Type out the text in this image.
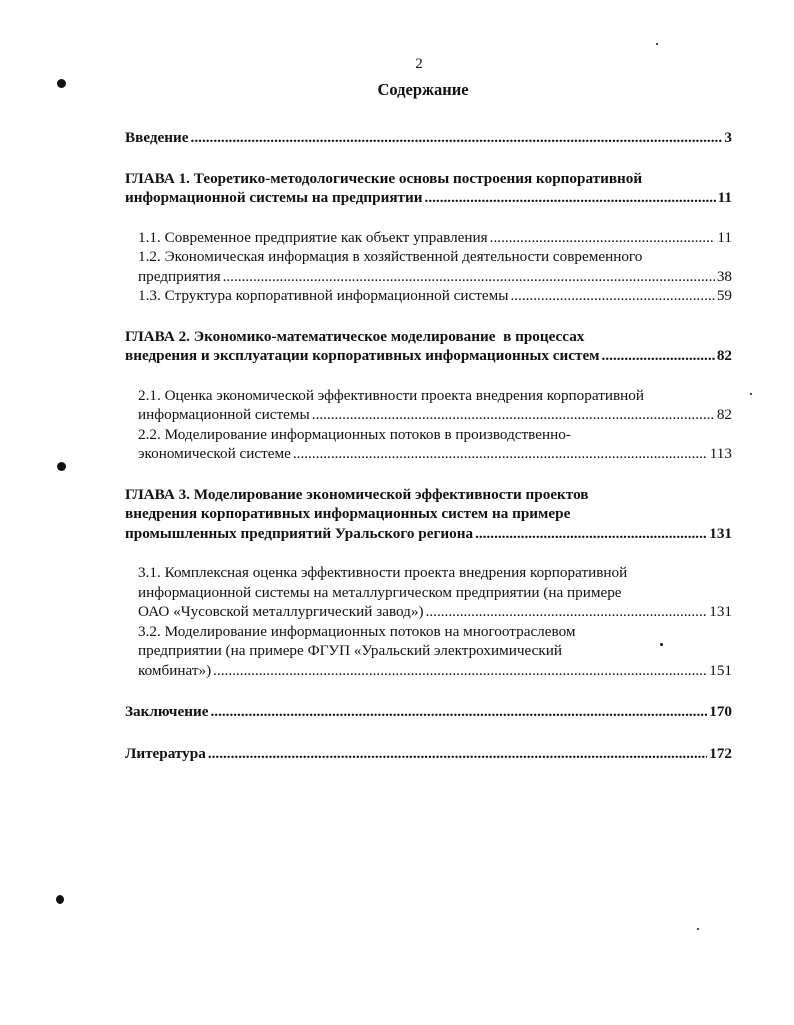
2
Содержание
Введение .....	3
ГЛАВА 1. Теоретико-методологические основы построения корпоративной
информационной системы на предприятии .....	11
1.1. Современное предприятие как объект управления .....	11
1.2. Экономическая информация в хозяйственной деятельности современного
предприятия .....	38
1.3. Структура корпоративной информационной системы .....	59
ГЛАВА 2. Экономико-математическое моделирование  в процессах
внедрения и эксплуатации корпоративных информационных систем .....	82
2.1. Оценка экономической эффективности проекта внедрения корпоративной
информационной системы .....	82
2.2. Моделирование информационных потоков в производственно-
экономической системе .....	113
ГЛАВА 3. Моделирование экономической эффективности проектов
внедрения корпоративных информационных систем на примере
промышленных предприятий Уральского региона .....	131
3.1. Комплексная оценка эффективности проекта внедрения корпоративной
информационной системы на металлургическом предприятии (на примере
ОАО «Чусовской металлургический завод») .....	131
3.2. Моделирование информационных потоков на многоотраслевом
предприятии (на примере ФГУП «Уральский электрохимический
комбинат») .....	151
Заключение .....	170
Литература .....	172
